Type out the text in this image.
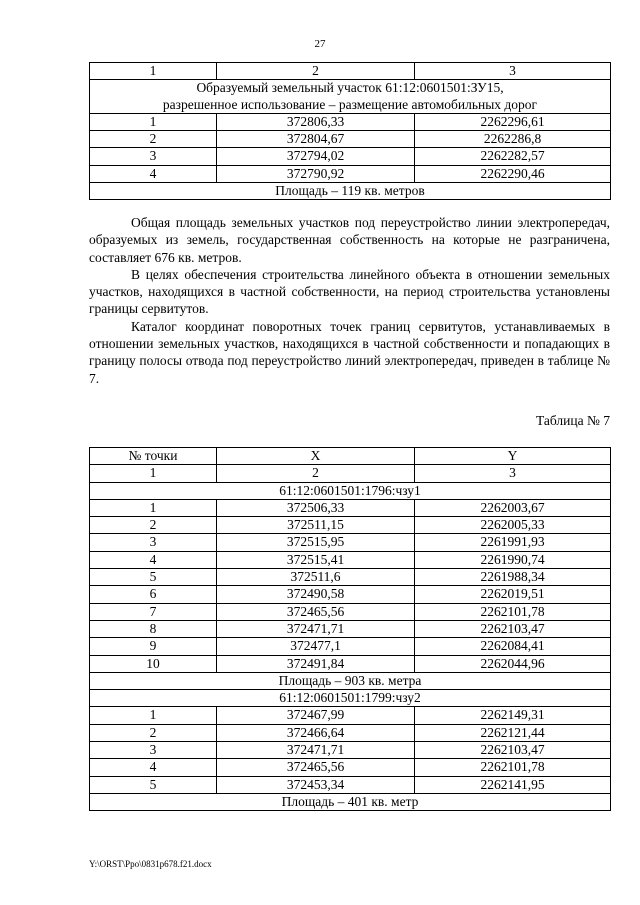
27
1	2	3

Образуемый земельный участок 61:12:0601501:ЗУ15,
разрешенное использование – размещение автомобильных дорог		

1	372806,33	2262296,61
2	372804,67	2262286,8
3	372794,02	2262282,57
4	372790,92	2262290,46
Площадь – 119 кв. метров		

Общая площадь земельных участков под переустройство линии электропередач, образуемых из земель, государственная собственность на которые не разграничена, составляет 676 кв. метров.

В целях обеспечения строительства линейного объекта в отношении земельных участков, находящихся в частной собственности, на период строительства установлены границы сервитутов.

Каталог координат поворотных точек границ сервитутов, устанавливаемых в отношении земельных участков, находящихся в частной собственности и попадающих в границу полосы отвода под переустройство линий электропередач, приведен в таблице № 7.

Таблица № 7
№ точки	X	Y
1	2	3
61:12:0601501:1796:чзу1		
1	372506,33	2262003,67
2	372511,15	2262005,33
3	372515,95	2261991,93
4	372515,41	2261990,74
5	372511,6	2261988,34
6	372490,58	2262019,51
7	372465,56	2262101,78
8	372471,71	2262103,47
9	372477,1	2262084,41
10	372491,84	2262044,96
Площадь – 903 кв. метра		
61:12:0601501:1799:чзу2		
1	372467,99	2262149,31
2	372466,64	2262121,44
3	372471,71	2262103,47
4	372465,56	2262101,78
5	372453,34	2262141,95
Площадь – 401 кв. метр		
Y:\ORST\Ppo\0831p678.f21.docx
